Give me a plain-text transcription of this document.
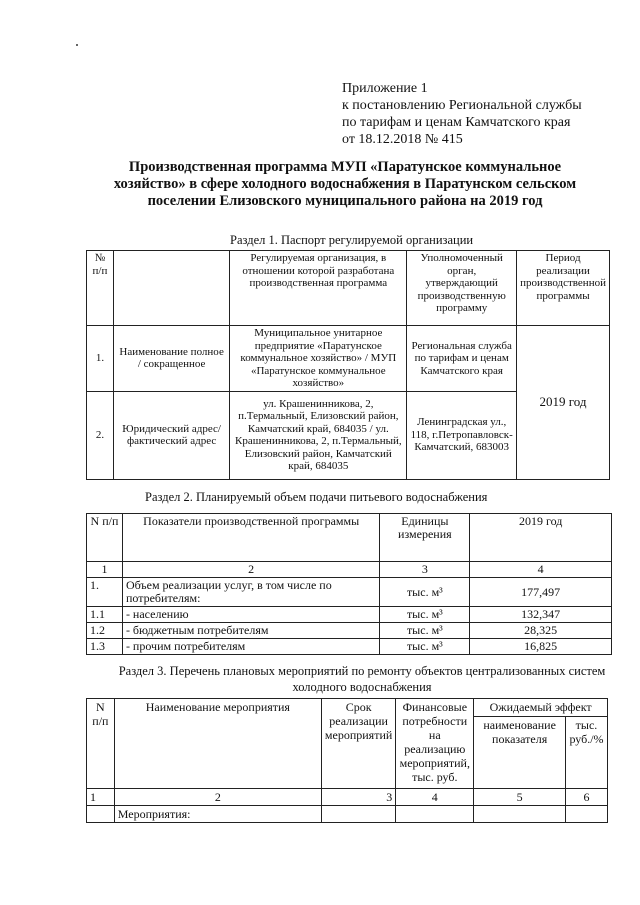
Приложение 1
к постановлению Региональной службы
по тарифам и ценам Камчатского края
от 18.12.2018 № 415
Производственная программа МУП «Паратунское коммунальное хозяйство» в сфере холодного водоснабжения в Паратунском сельском поселении Елизовского муниципального района на 2019 год
Раздел 1. Паспорт регулируемой организации
№ п/п		Регулируемая организация, в отношении которой разработана производственная программа	Уполномоченный орган, утверждающий производственную программу	Период реализации производственной программы
1.	Наименование полное / сокращенное	Муниципальное унитарное предприятие «Паратунское коммунальное хозяйство» / МУП «Паратунское коммунальное хозяйство»	Региональная служба по тарифам и ценам Камчатского края	2019 год
2.	Юридический адрес/фактический адрес	ул. Крашенинникова, 2, п.Термальный, Елизовский район, Камчатский край, 684035 / ул. Крашенинникова, 2, п.Термальный, Елизовский район, Камчатский край, 684035	Ленинградская ул., 118, г.Петропавловск-Камчатский, 683003	
Раздел 2. Планируемый объем подачи питьевого водоснабжения
N п/п	Показатели производственной программы	Единицы измерения	2019 год
1	2	3	4
1.	Объем реализации услуг, в том числе по потребителям:	тыс. м³	177,497
1.1	- населению	тыс. м³	132,347
1.2	- бюджетным потребителям	тыс. м³	28,325
1.3	- прочим потребителям	тыс. м³	16,825
Раздел 3. Перечень плановых мероприятий по ремонту объектов централизованных систем
холодного водоснабжения
N п/п	Наименование мероприятия	Срок реализации мероприятий	Финансовые потребности на реализацию мероприятий, тыс. руб.	Ожидаемый эффект	
				наименование показателя	тыс. руб./%
1	2	3	4	5	6
	Мероприятия:				
